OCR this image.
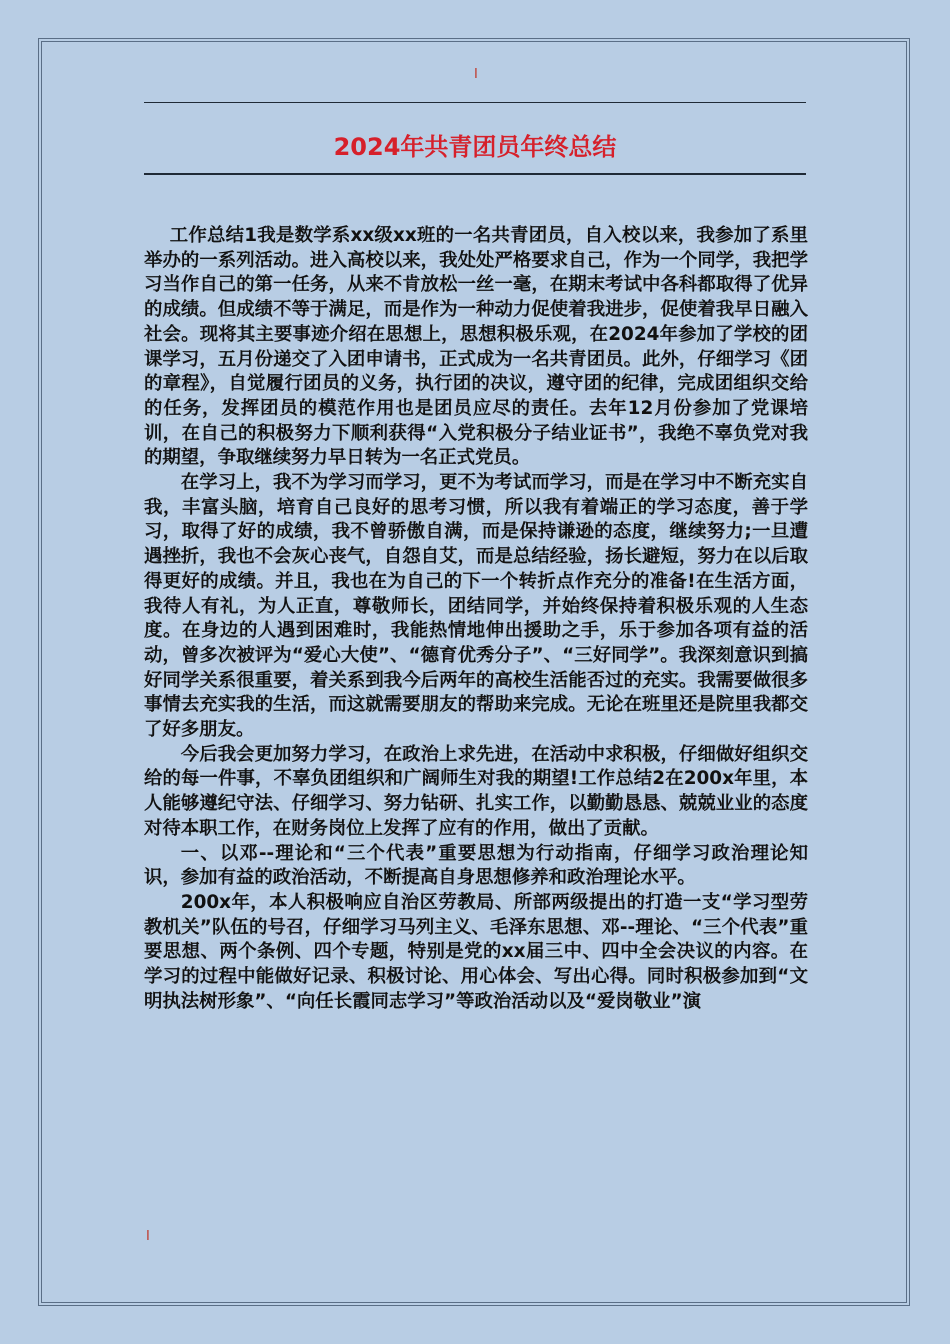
I
2024年共青团员年终总结

工作总结1我是数学系xx级xx班的一名共青团员，自入校以来，我参加了系里举办的一系列活动。进入高校以来，我处处严格要求自己，作为一个同学，我把学习当作自己的第一任务，从来不肯放松一丝一毫，在期末考试中各科都取得了优异的成绩。但成绩不等于满足，而是作为一种动力促使着我进步，促使着我早日融入社会。现将其主要事迹介绍在思想上，思想积极乐观，在2024年参加了学校的团课学习，五月份递交了入团申请书，正式成为一名共青团员。此外，仔细学习《团的章程》，自觉履行团员的义务，执行团的决议，遵守团的纪律，完成团组织交给的任务，发挥团员的模范作用也是团员应尽的责任。去年12月份参加了党课培训，在自己的积极努力下顺利获得“入党积极分子结业证书”，我绝不辜负党对我的期望，争取继续努力早日转为一名正式党员。

在学习上，我不为学习而学习，更不为考试而学习，而是在学习中不断充实自我，丰富头脑，培育自己良好的思考习惯，所以我有着端正的学习态度，善于学习，取得了好的成绩，我不曾骄傲自满，而是保持谦逊的态度，继续努力;一旦遭遇挫折，我也不会灰心丧气，自怨自艾，而是总结经验，扬长避短，努力在以后取得更好的成绩。并且，我也在为自己的下一个转折点作充分的准备!在生活方面，我待人有礼，为人正直，尊敬师长，团结同学，并始终保持着积极乐观的人生态度。在身边的人遇到困难时，我能热情地伸出援助之手，乐于参加各项有益的活动，曾多次被评为“爱心大使”、“德育优秀分子”、“三好同学”。我深刻意识到搞好同学关系很重要，着关系到我今后两年的高校生活能否过的充实。我需要做很多事情去充实我的生活，而这就需要朋友的帮助来完成。无论在班里还是院里我都交了好多朋友。

今后我会更加努力学习，在政治上求先进，在活动中求积极，仔细做好组织交给的每一件事，不辜负团组织和广阔师生对我的期望!工作总结2在200x年里，本人能够遵纪守法、仔细学习、努力钻研、扎实工作，以勤勤恳恳、兢兢业业的态度对待本职工作，在财务岗位上发挥了应有的作用，做出了贡献。

一、以邓--理论和“三个代表”重要思想为行动指南，仔细学习政治理论知识，参加有益的政治活动，不断提高自身思想修养和政治理论水平。

200x年，本人积极响应自治区劳教局、所部两级提出的打造一支“学习型劳教机关”队伍的号召，仔细学习马列主义、毛泽东思想、邓--理论、“三个代表”重要思想、两个条例、四个专题，特别是党的xx届三中、四中全会决议的内容。在学习的过程中能做好记录、积极讨论、用心体会、写出心得。同时积极参加到“文明执法树形象”、“向任长霞同志学习”等政治活动以及“爱岗敬业”演

I
